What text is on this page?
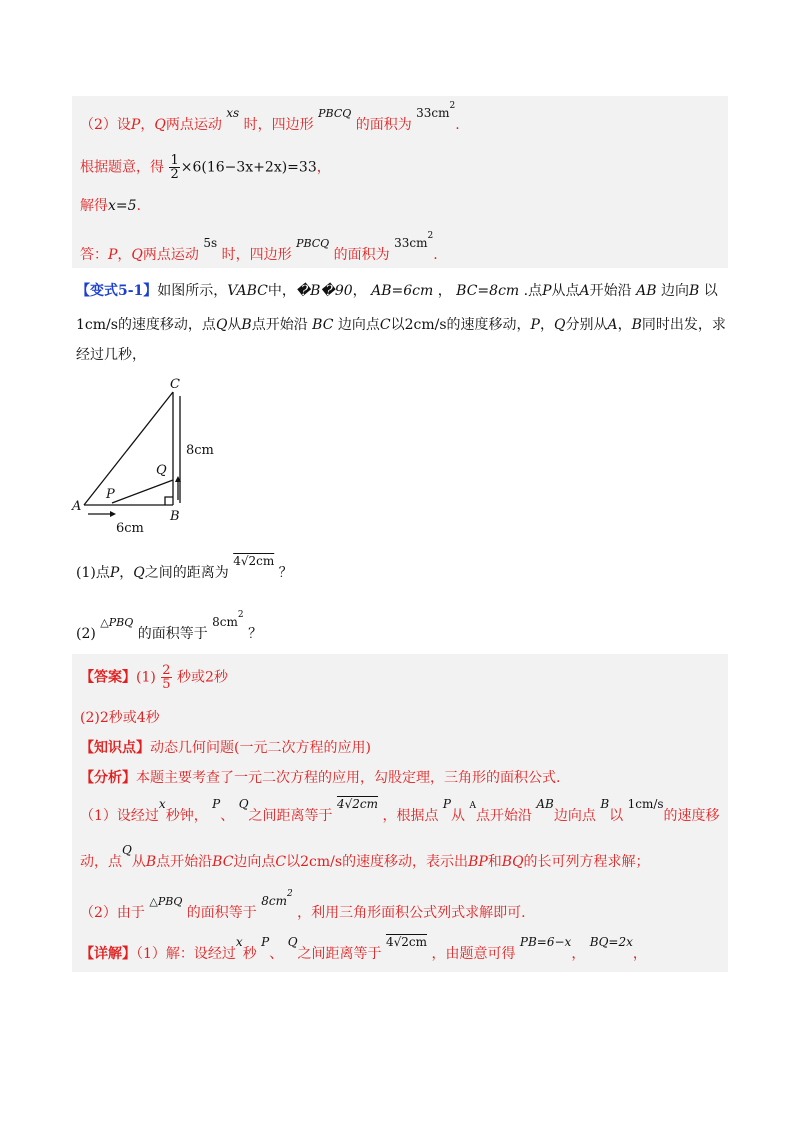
（2）设P，Q两点运动 xs 时，四边形 $^{PBCQ}$ 的面积为 $33cm^2$.
根据题意，得 $\frac{1}{2} \times 6(16-3x+2x)=33$，
解得x=5.
答：P，Q两点运动 5s 时，四边形 $^{PBCQ}$ 的面积为 $33cm^2$.
【变式5-1】如图所示，VABC中，�B�90， AB=6cm ， BC=8cm .点P从点A开始沿 AB 边向B 以
1cm/s的速度移动，点Q从B点开始沿 BC 边向点C以2cm/s的速度移动，P，Q分别从A，B同时出发，求
经过几秒，
C
Q
P
A
B
8cm
6cm
(1)点P，Q之间的距离为 4√2cm ？
(2) $^{\triangle PBQ}$ 的面积等于 $8cm^2$ ？
【答案】$(1) \frac{2}{5}$ 秒或2秒
(2)2秒或4秒
【知识点】动态几何问题(一元二次方程的应用)
【分析】本题主要考查了一元二次方程的应用，勾股定理，三角形的面积公式.
（1）设经过x秒钟， P、 Q之间距离等于 4√2cm ，根据点 P从 $^A$点开始沿 AB边向点 B以 1cm/s的速度移
动，点Q从B点开始沿BC边向点C以2cm/s的速度移动，表示出BP和BQ的长可列方程求解；
（2）由于 $^{\triangle PBQ}$ 的面积等于 $8cm^2$ ，利用三角形面积公式列式求解即可.
【详解】（1）解：设经过x秒 P、 Q之间距离等于 4√2cm ，由题意可得 PB=6−x， BQ=2x，
